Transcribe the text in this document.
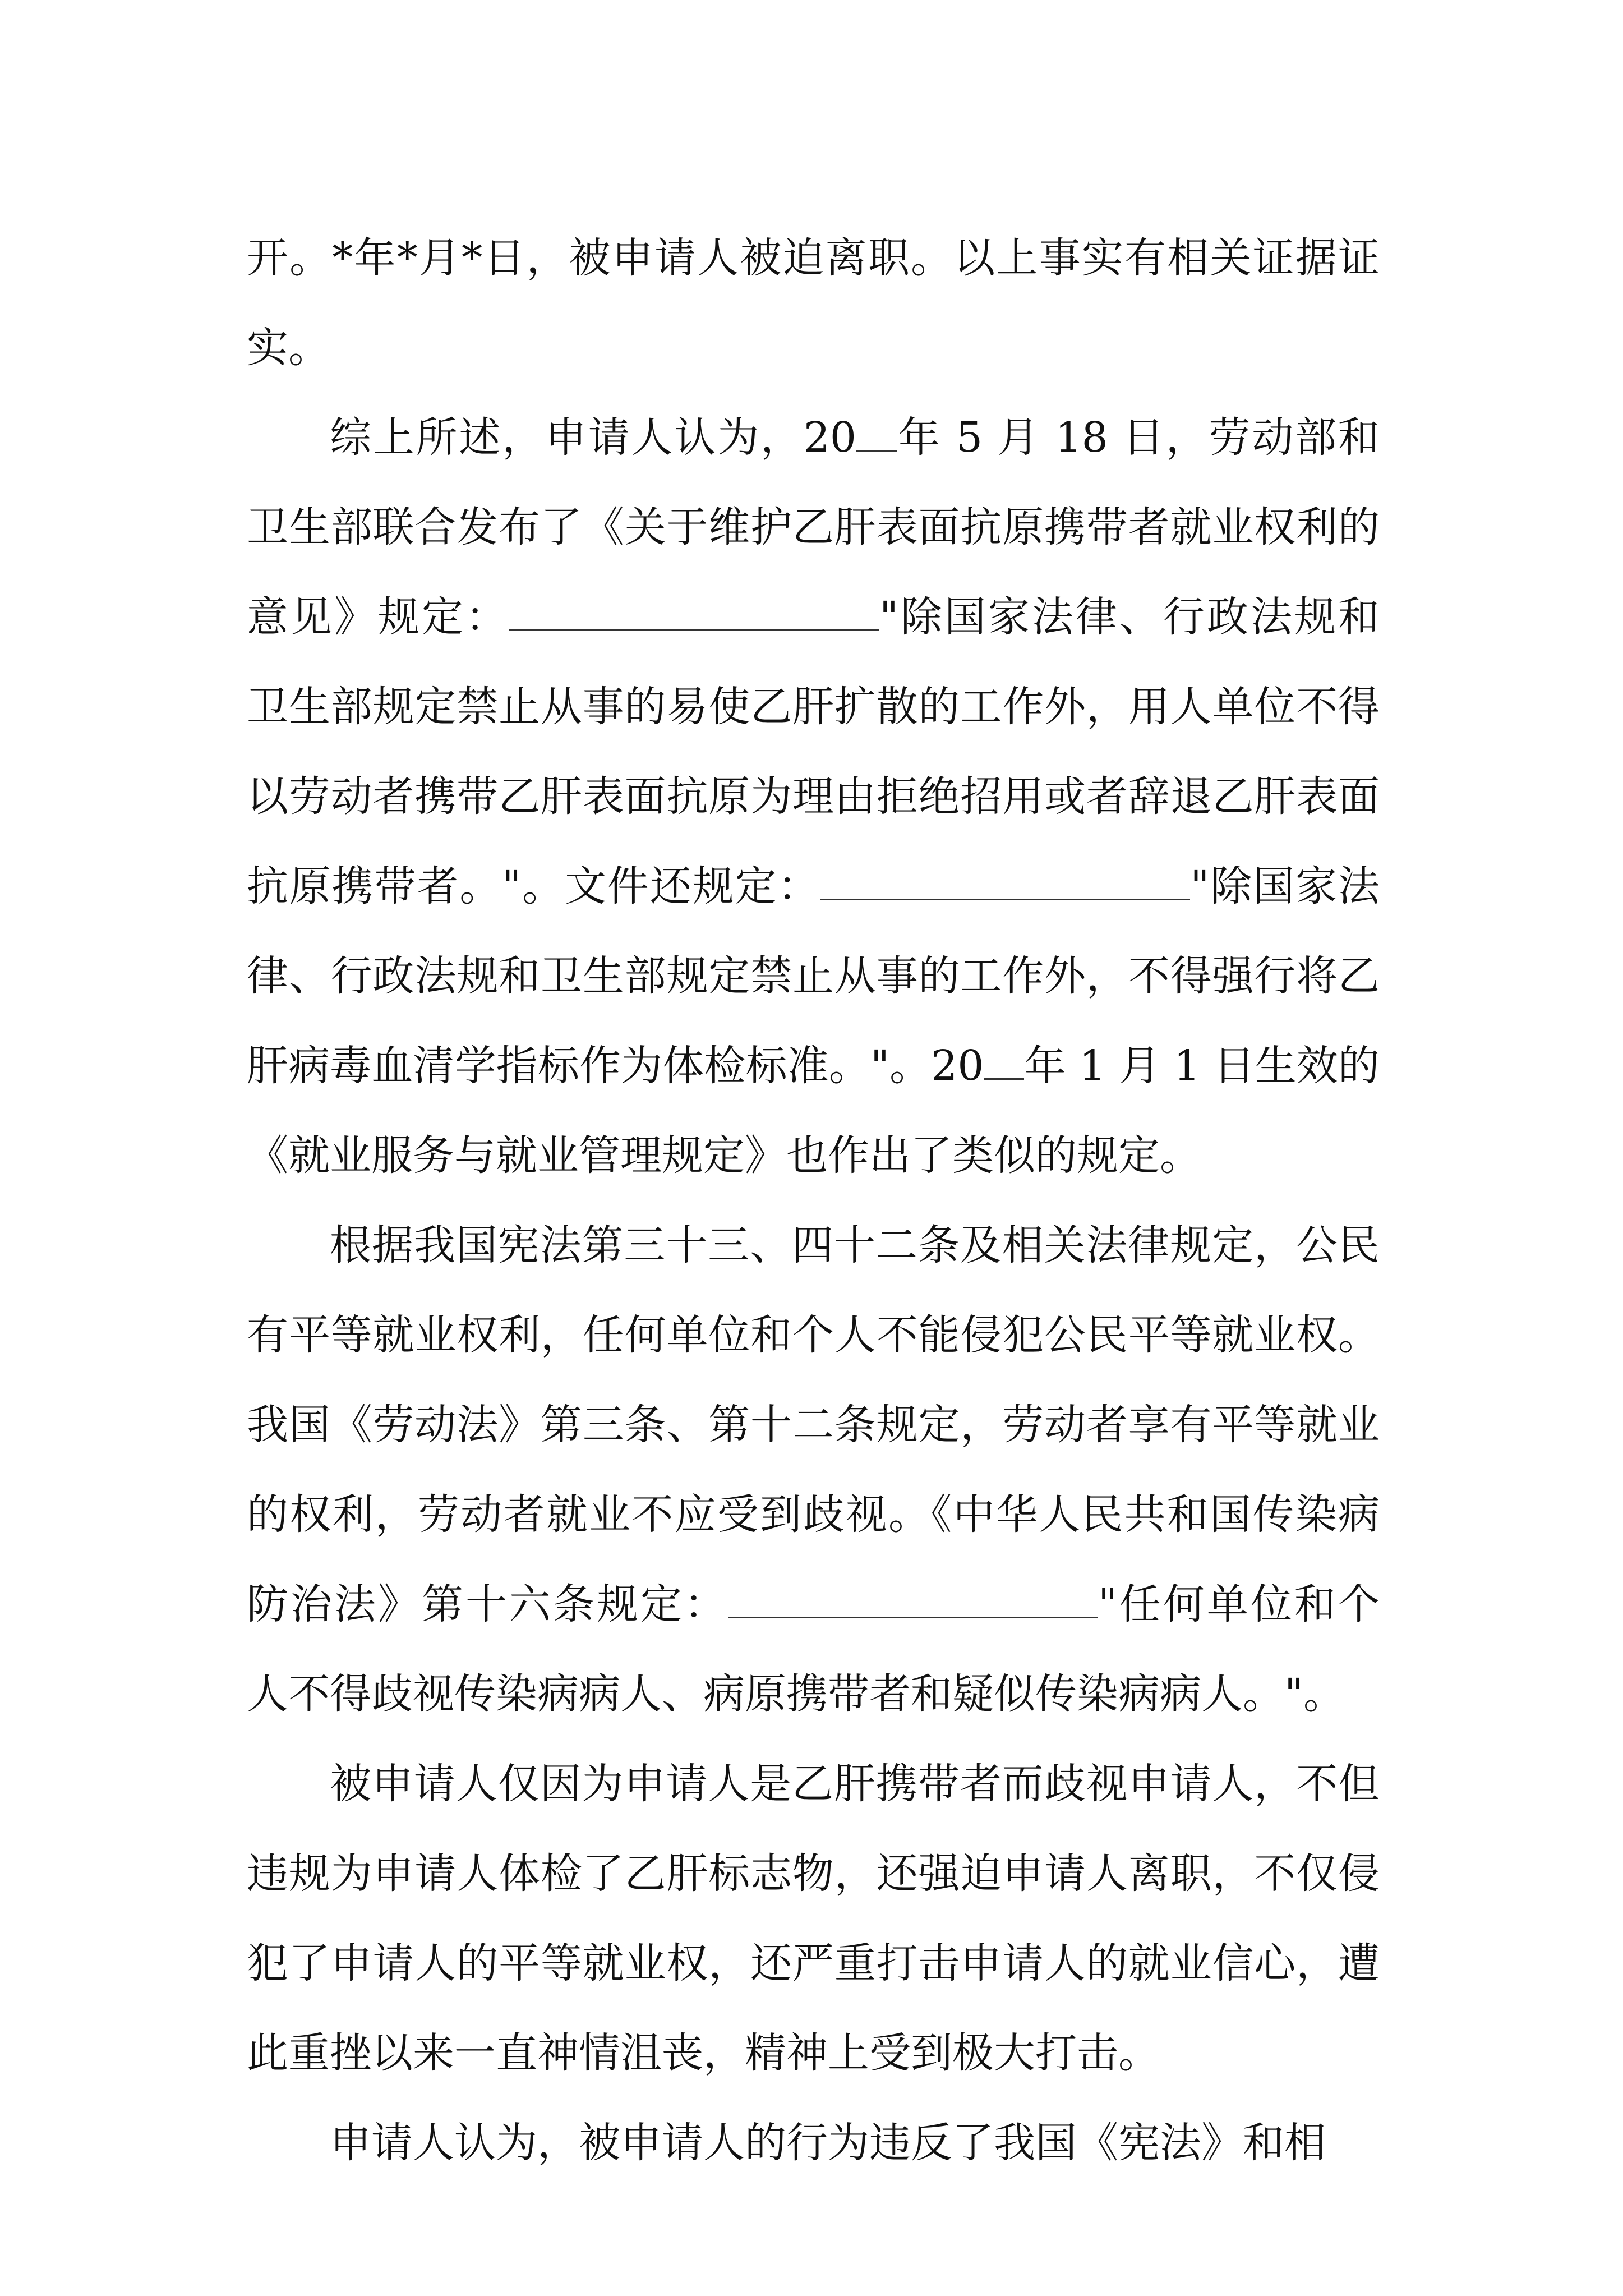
开。*年*月*日，被申请人被迫离职。以上事实有相关证据证实。

综上所述，申请人认为，20 年 5 月 18 日，劳动部和卫生部联合发布了《关于维护乙肝表面抗原携带者就业权利的意见》规定：	"除国家法律、行政法规和卫生部规定禁止从事的易使乙肝扩散的工作外，用人单位不得以劳动者携带乙肝表面抗原为理由拒绝招用或者辞退乙肝表面抗原携带者。"。文件还规定：	"除国家法律、行政法规和卫生部规定禁止从事的工作外，不得强行将乙肝病毒血清学指标作为体检标准。"。20 年 1 月 1 日生效的《就业服务与就业管理规定》也作出了类似的规定。

根据我国宪法第三十三、四十二条及相关法律规定，公民有平等就业权利，任何单位和个人不能侵犯公民平等就业权。我国《劳动法》第三条、第十二条规定，劳动者享有平等就业的权利，劳动者就业不应受到歧视。《中华人民共和国传染病防治法》第十六条规定：	"任何单位和个人不得歧视传染病病人、病原携带者和疑似传染病病人。"。

被申请人仅因为申请人是乙肝携带者而歧视申请人，不但违规为申请人体检了乙肝标志物，还强迫申请人离职，不仅侵犯了申请人的平等就业权，还严重打击申请人的就业信心，遭此重挫以来一直神情沮丧，精神上受到极大打击。

申请人认为，被申请人的行为违反了我国《宪法》和相
